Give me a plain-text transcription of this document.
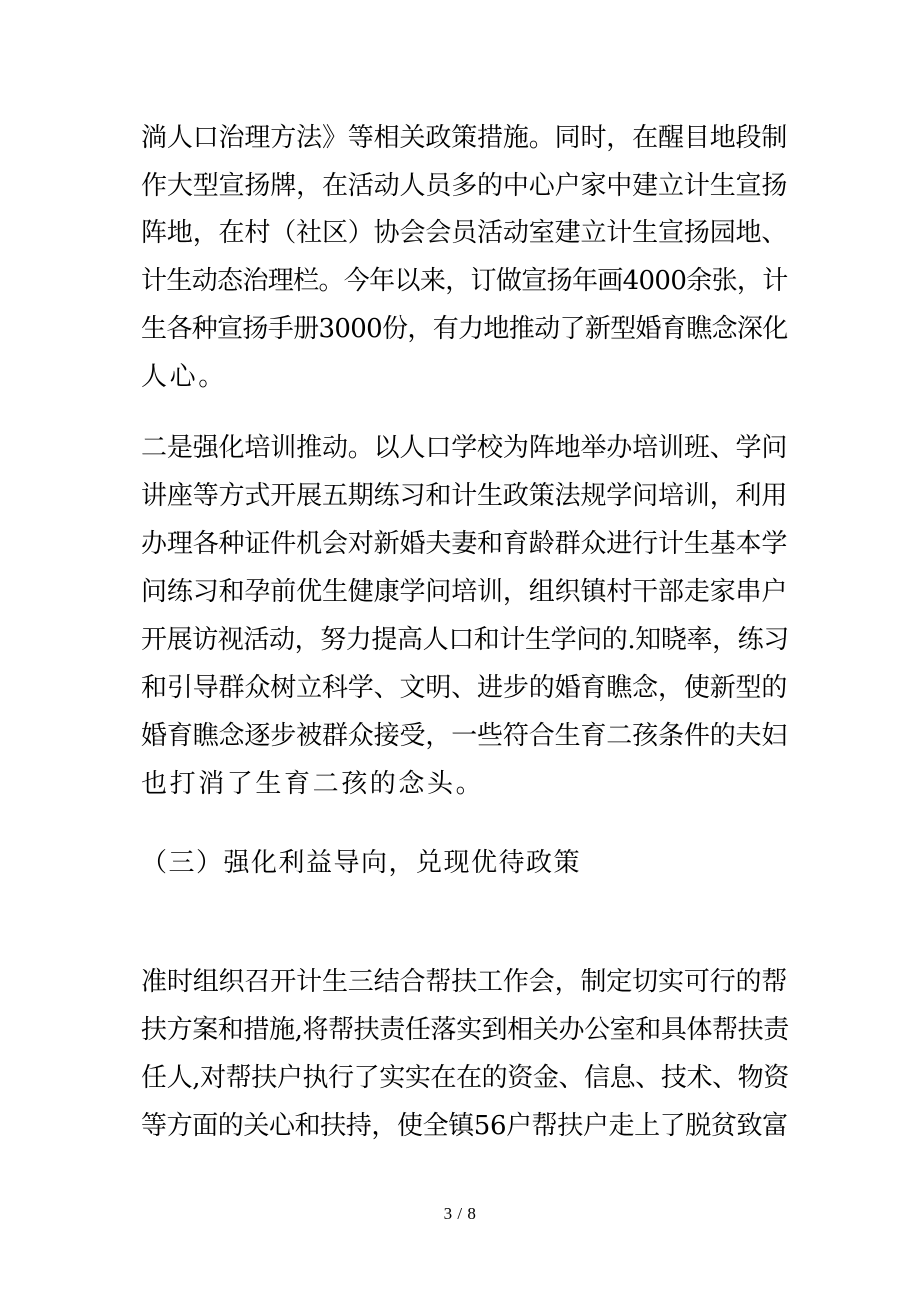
淌人口治理方法》等相关政策措施。同时，在醒目地段制
作大型宣扬牌，在活动人员多的中心户家中建立计生宣扬
阵地，在村（社区）协会会员活动室建立计生宣扬园地、
计生动态治理栏。今年以来，订做宣扬年画4000余张，计
生各种宣扬手册3000份，有力地推动了新型婚育瞧念深化
人心。
二是强化培训推动。以人口学校为阵地举办培训班、学问
讲座等方式开展五期练习和计生政策法规学问培训，利用
办理各种证件机会对新婚夫妻和育龄群众进行计生基本学
问练习和孕前优生健康学问培训，组织镇村干部走家串户
开展访视活动，努力提高人口和计生学问的.知晓率，练习
和引导群众树立科学、文明、进步的婚育瞧念，使新型的
婚育瞧念逐步被群众接受，一些符合生育二孩条件的夫妇
也打消了生育二孩的念头。
（三）强化利益导向，兑现优待政策
准时组织召开计生三结合帮扶工作会，制定切实可行的帮
扶方案和措施,将帮扶责任落实到相关办公室和具体帮扶责
任人,对帮扶户执行了实实在在的资金、信息、技术、物资
等方面的关心和扶持，使全镇56户帮扶户走上了脱贫致富
3 / 8
